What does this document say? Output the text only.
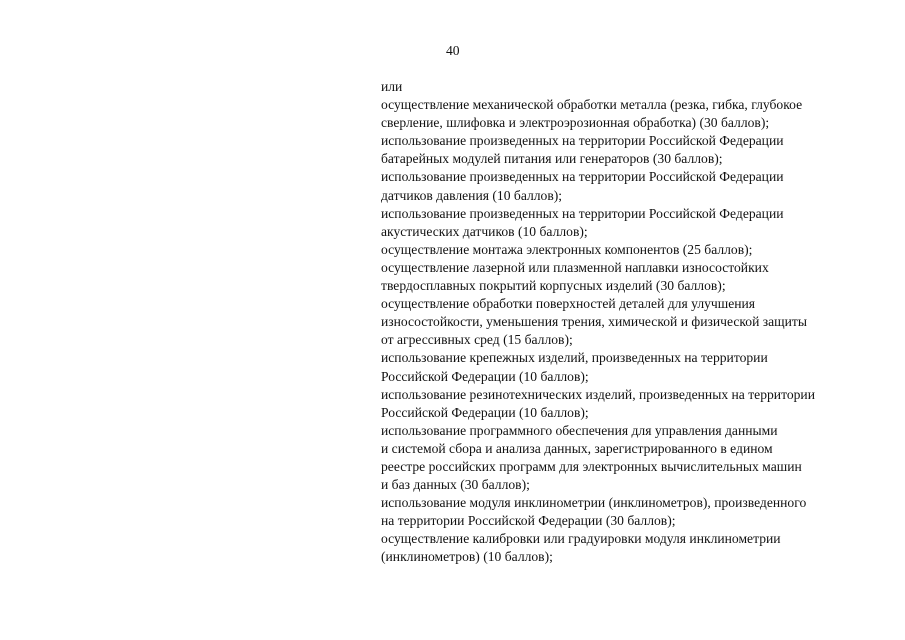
40
или
осуществление механической обработки металла (резка, гибка, глубокое
сверление, шлифовка и электроэрозионная обработка) (30 баллов);
использование произведенных на территории Российской Федерации
батарейных модулей питания или генераторов (30 баллов);
использование произведенных на территории Российской Федерации
датчиков давления (10 баллов);
использование произведенных на территории Российской Федерации
акустических датчиков (10 баллов);
осуществление монтажа электронных компонентов (25 баллов);
осуществление лазерной или плазменной наплавки износостойких
твердосплавных покрытий корпусных изделий (30 баллов);
осуществление обработки поверхностей деталей для улучшения
износостойкости, уменьшения трения, химической и физической защиты
от агрессивных сред (15 баллов);
использование крепежных изделий, произведенных на территории
Российской Федерации (10 баллов);
использование резинотехнических изделий, произведенных на территории
Российской Федерации (10 баллов);
использование программного обеспечения для управления данными
и системой сбора и анализа данных, зарегистрированного в едином
реестре российских программ для электронных вычислительных машин
и баз данных (30 баллов);
использование модуля инклинометрии (инклинометров), произведенного
на территории Российской Федерации (30 баллов);
осуществление калибровки или градуировки модуля инклинометрии
(инклинометров) (10 баллов);
